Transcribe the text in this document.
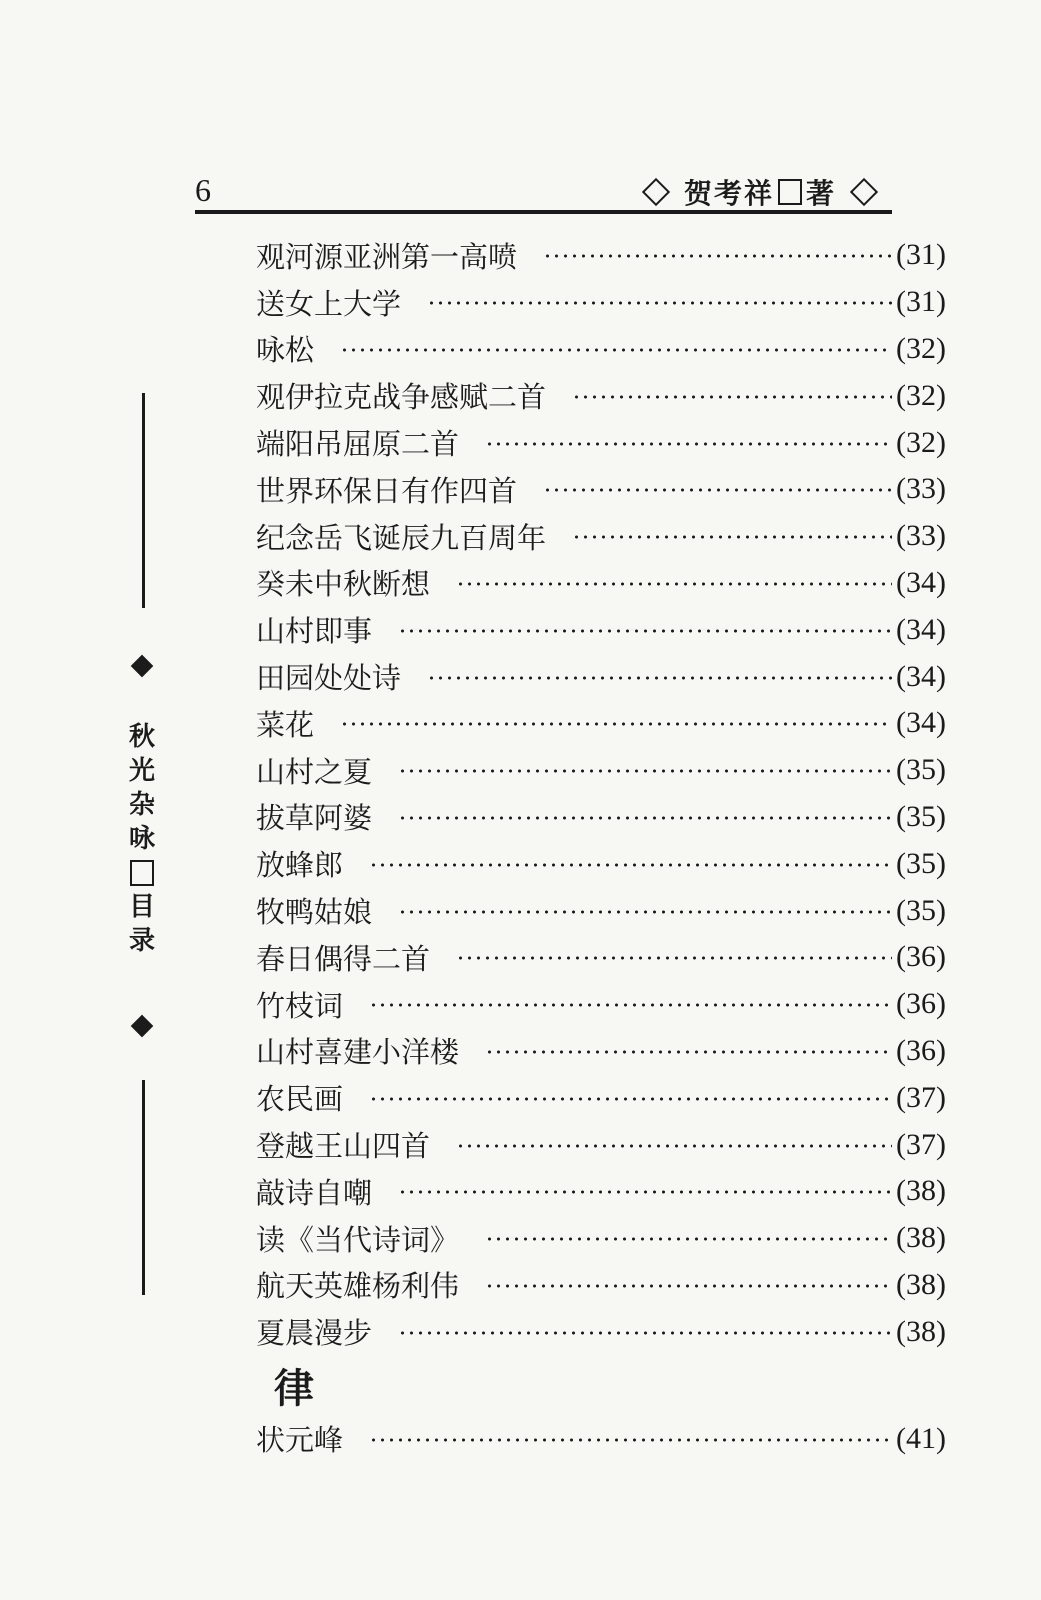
6	贺考祥 著
秋
光
杂
咏
目
录
观河源亚洲第一高喷	(31)
送女上大学	(31)
咏松	(32)
观伊拉克战争感赋二首	(32)
端阳吊屈原二首	(32)
世界环保日有作四首	(33)
纪念岳飞诞辰九百周年	(33)
癸未中秋断想	(34)
山村即事	(34)
田园处处诗	(34)
菜花	(34)
山村之夏	(35)
拔草阿婆	(35)
放蜂郎	(35)
牧鸭姑娘	(35)
春日偶得二首	(36)
竹枝词	(36)
山村喜建小洋楼	(36)
农民画	(37)
登越王山四首	(37)
敲诗自嘲	(38)
读《当代诗词》	(38)
航天英雄杨利伟	(38)
夏晨漫步	(38)
律
状元峰	(41)
